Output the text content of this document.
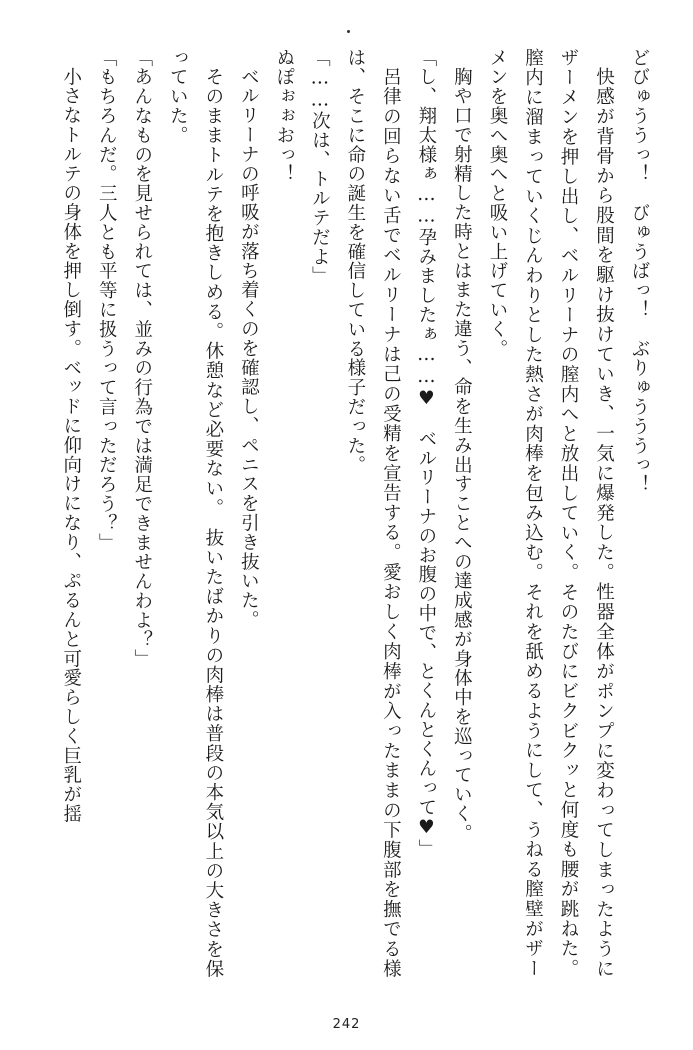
どびゅううっ！　びゅうばっ！　ぶりゅうううっ！

快感が背骨から股間を駆け抜けていき、一気に爆発した。性器全体がポンプに変わってしまったようにザーメンを押し出し、ベルリーナの膣内へと放出していく。そのたびにビクビクッと何度も腰が跳ねた。膣内に溜まっていくじんわりとした熱さが肉棒を包み込む。それを舐めるようにして、うねる膣壁がザーメンを奥へ奥へと吸い上げていく。

胸や口で射精した時とはまた違う、命を生み出すことへの達成感が身体中を巡っていく。

「し、翔太様ぁ……孕みましたぁ……♥　ベルリーナのお腹の中で、とくんとくんって♥」

呂律の回らない舌でベルリーナは己の受精を宣告する。愛おしく肉棒が入ったままの下腹部を撫でる様は、そこに命の誕生を確信している様子だった。

「……次は、トルテだよ」

ぬぽぉぉおっ！

ベルリーナの呼吸が落ち着くのを確認し、ペニスを引き抜いた。

そのままトルテを抱きしめる。休憩など必要ない。　抜いたばかりの肉棒は普段の本気以上の大きさを保っていた。

「あんなものを見せられては、並みの行為では満足できませんわよ？」

「もちろんだ。三人とも平等に扱うって言っただろう？」

小さなトルテの身体を押し倒す。ベッドに仰向けになり、ぷるんと可愛らしく巨乳が揺

242
